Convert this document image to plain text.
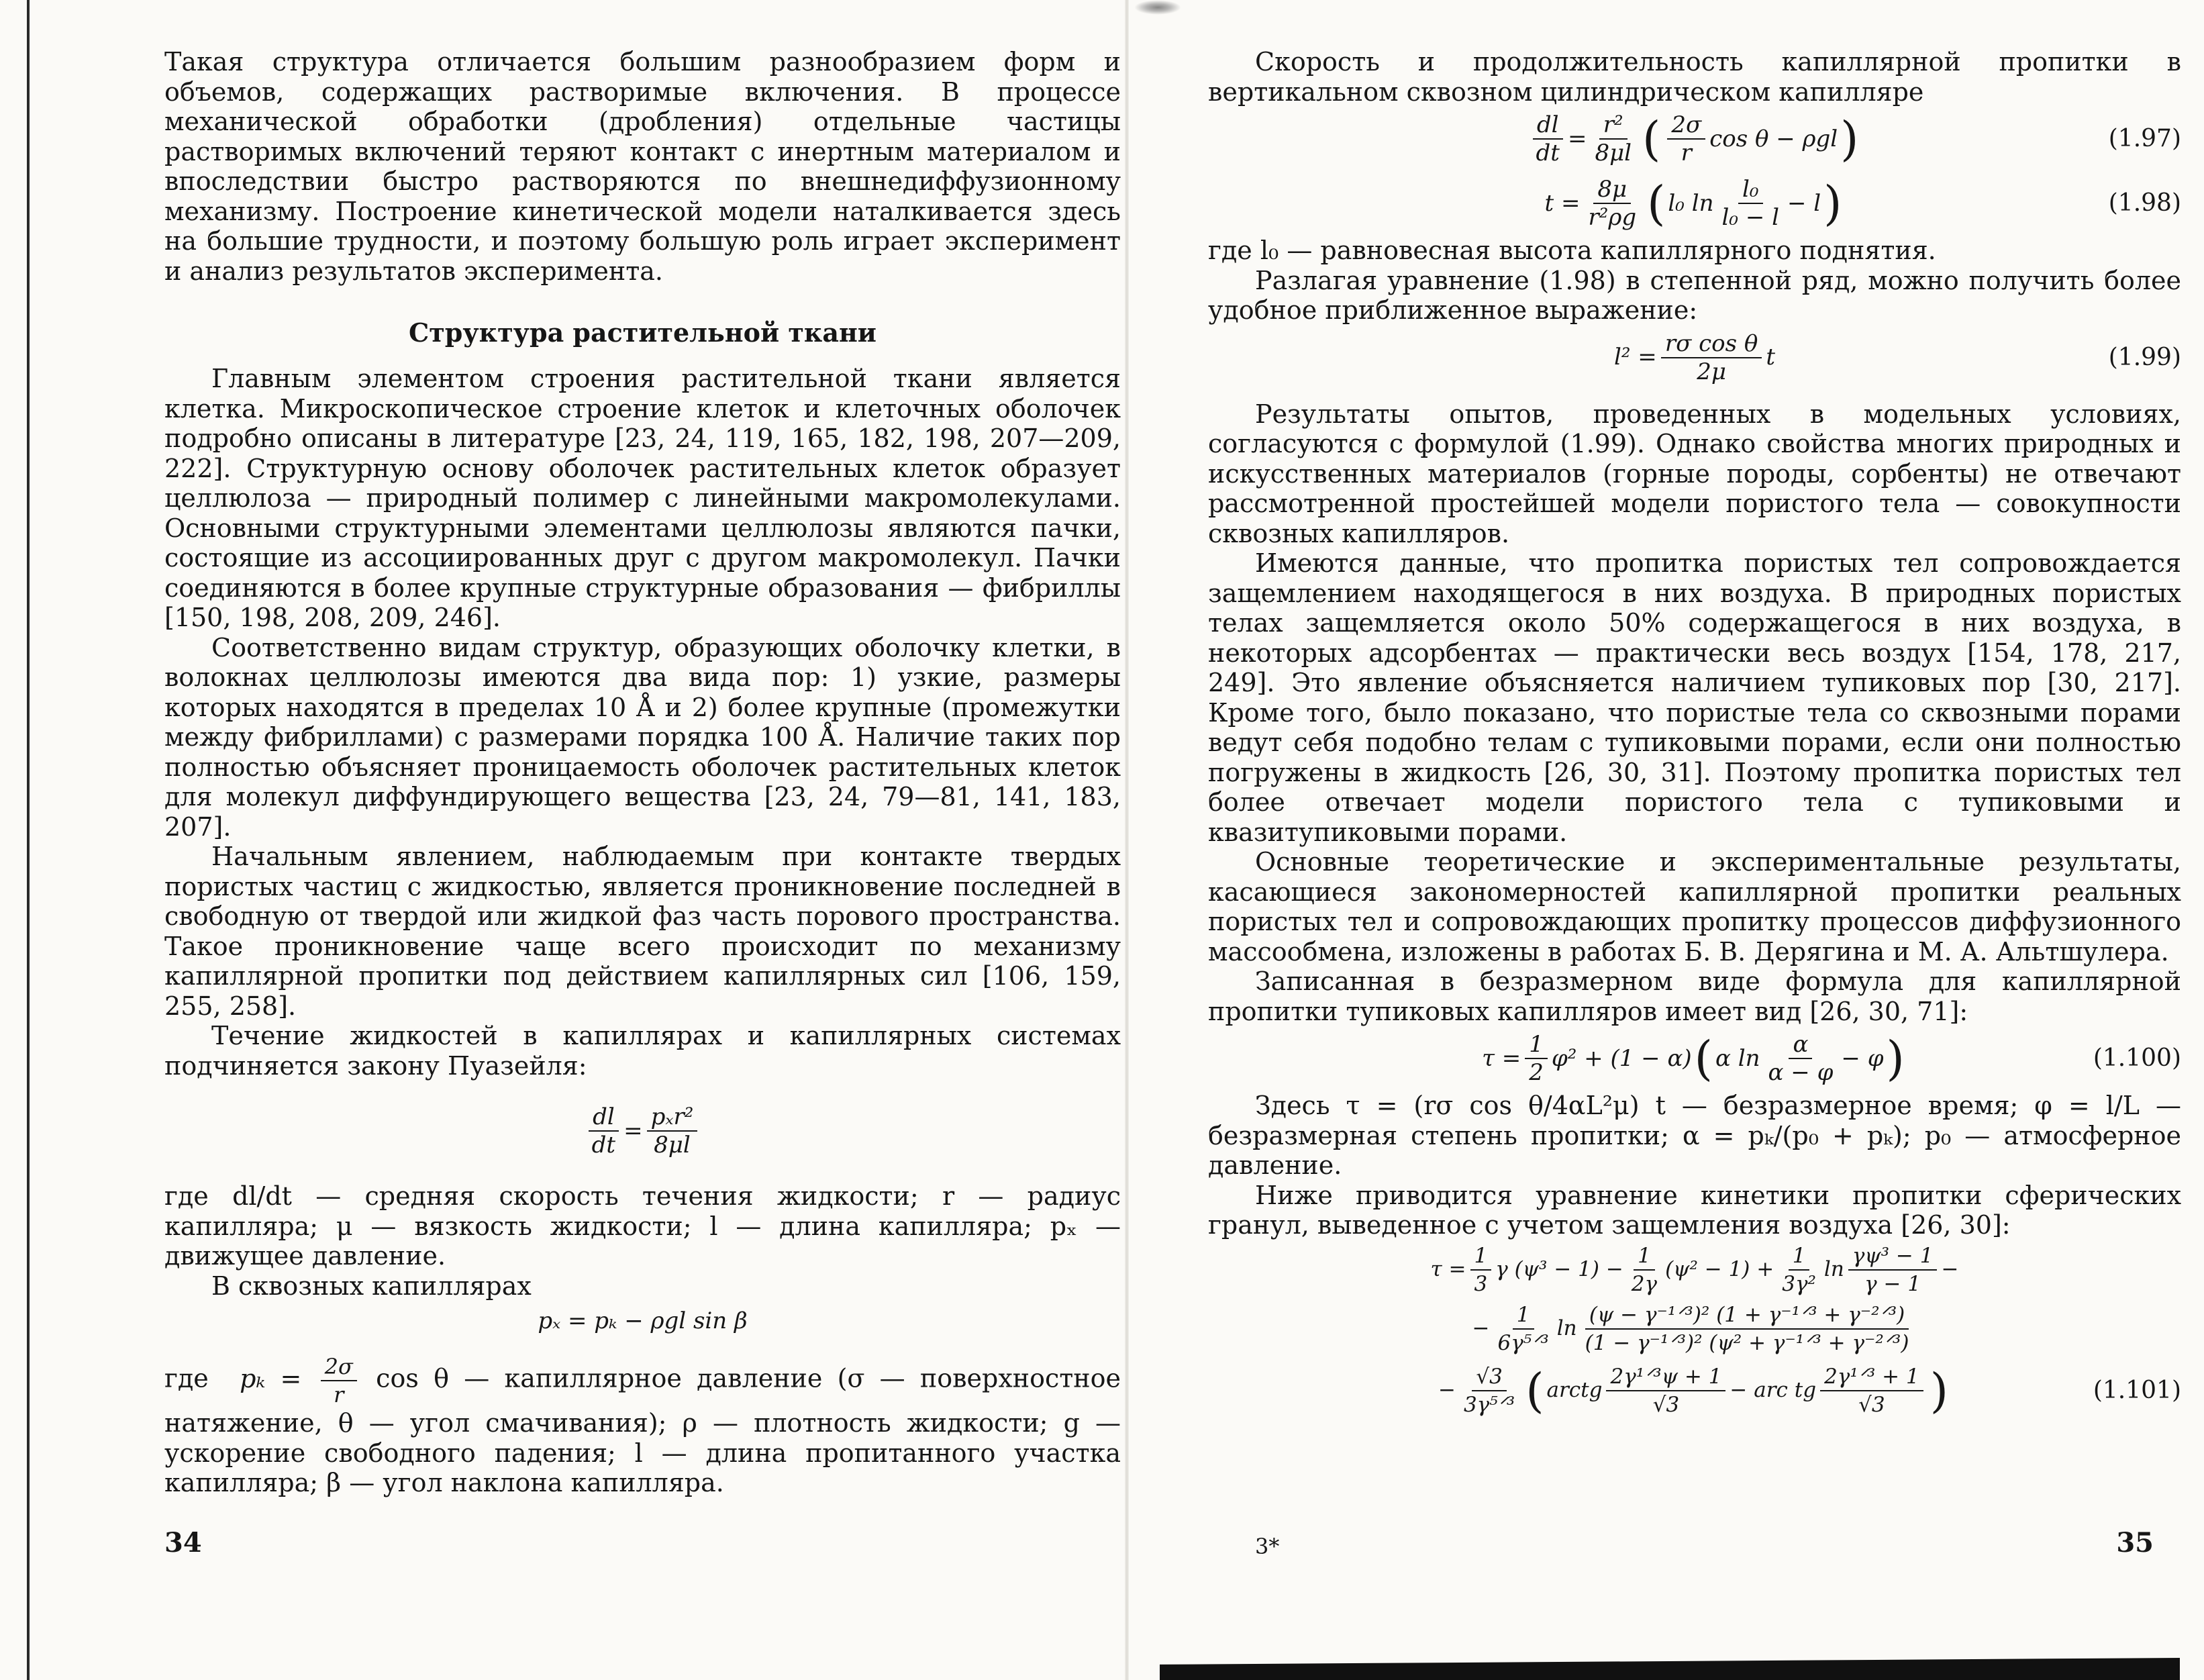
Такая структура отличается большим разнообразием форм и объемов, содержащих растворимые включения. В процессе механической обработки (дробления) отдельные частицы растворимых включений теряют контакт с инертным материалом и впоследствии быстро растворяются по внешнедиффузионному механизму. Построение кинетической модели наталкивается здесь на большие трудности, и поэтому большую роль играет эксперимент и анализ результатов эксперимента.

Структура растительной ткани

Главным элементом строения растительной ткани является клетка. Микроскопическое строение клеток и клеточных оболочек подробно описаны в литературе [23, 24, 119, 165, 182, 198, 207—209, 222]. Структурную основу оболочек растительных клеток образует целлюлоза — природный полимер с линейными макромолекулами. Основными структурными элементами целлюлозы являются пачки, состоящие из ассоциированных друг с другом макромолекул. Пачки соединяются в более крупные структурные образования — фибриллы [150, 198, 208, 209, 246].

Соответственно видам структур, образующих оболочку клетки, в волокнах целлюлозы имеются два вида пор: 1) узкие, размеры которых находятся в пределах 10 Å и 2) более крупные (промежутки между фибриллами) с размерами порядка 100 Å. Наличие таких пор полностью объясняет проницаемость оболочек растительных клеток для молекул диффундирующего вещества [23, 24, 79—81, 141, 183, 207].

Начальным явлением, наблюдаемым при контакте твердых пористых частиц с жидкостью, является проникновение последней в свободную от твердой или жидкой фаз часть порового пространства. Такое проникновение чаще всего происходит по механизму капиллярной пропитки под действием капиллярных сил [106, 159, 255, 258].

Течение жидкостей в капиллярах и капиллярных системах подчиняется закону Пуазейля:

$\frac{dl}{dt} = \frac{\text{pₓr²}}{8\mu l}$

где dl/dt — средняя скорость течения жидкости; r — радиус капилляра; μ — вязкость жидкости; l — длина капилляра; pₓ — движущее давление.

В сквозных капиллярах

pₓ = pₖ − ρgl sin β

где $p_k = \frac{2\sigma}{r}$ cos θ — капиллярное давление (σ — поверхностное натяжение, θ — угол смачивания); ρ — плотность жидкости; g — ускорение свободного падения; l — длина пропитанного участка капилляра; β — угол наклона капилляра.

34

Скорость и продолжительность капиллярной пропитки в вертикальном сквозном цилиндрическом капилляре

$\frac{dl}{dt} = \frac{\text{r²}}{8\mu l}$ ( $\frac{2\sigma}{r}$ cos θ − ρgl )	(1.97)
$t = \frac{8\mu}{\text{r²ρg}}$ ( l₀ $\ln \frac{\text{l₀}}{\text{l₀ − l}} - l$ )	(1.98)

где l₀ — равновесная высота капиллярного поднятия.

Разлагая уравнение (1.98) в степенной ряд, можно получить более удобное приближенное выражение:

$l^2 = \frac{\text{rσ cos θ}}{2\mu}$ t	(1.99)

Результаты опытов, проведенных в модельных условиях, согласуются с формулой (1.99). Однако свойства многих природных и искусственных материалов (горные породы, сорбенты) не отвечают рассмотренной простейшей модели пористого тела — совокупности сквозных капилляров.

Имеются данные, что пропитка пористых тел сопровождается защемлением находящегося в них воздуха. В природных пористых телах защемляется около 50% содержащегося в них воздуха, в некоторых адсорбентах — практически весь воздух [154, 178, 217, 249]. Это явление объясняется наличием тупиковых пор [30, 217]. Кроме того, было показано, что пористые тела со сквозными порами ведут себя подобно телам с тупиковыми порами, если они полностью погружены в жидкость [26, 30, 31]. Поэтому пропитка пористых тел более отвечает модели пористого тела с тупиковыми и квазитупиковыми порами.

Основные теоретические и экспериментальные результаты, касающиеся закономерностей капиллярной пропитки реальных пористых тел и сопровождающих пропитку процессов диффузионного массообмена, изложены в работах Б. В. Дерягина и М. А. Альтшулера.

Записанная в безразмерном виде формула для капиллярной пропитки тупиковых капилляров имеет вид [26, 30, 71]:

$\tau = \frac{1}{2} \varphi^2 + (1 - \alpha)$ ( α $\ln \frac{\alpha}{\alpha - \varphi} - \varphi$ )	(1.100)

Здесь τ = (rσ cos θ/4αL²μ) t — безразмерное время; φ = l/L — безразмерная степень пропитки; α = pₖ/(p₀ + pₖ); p₀ — атмосферное давление.

Ниже приводится уравнение кинетики пропитки сферических гранул, выведенное с учетом защемления воздуха [26, 30]:

$\tau = \frac{1}{3}$ γ $(\psi^3 - 1) - \frac{1}{2\gamma} (\psi^2 - 1) + \frac{1}{\text{3γ²}}$ $\ln \frac{\text{γψ³ − 1}}{\gamma - 1}$ −
− $\frac{1}{\text{6γ⁵ᐟ³}}$ $\ln \frac{\text{(ψ − γ⁻¹ᐟ³)² (1 + γ⁻¹ᐟ³ + γ⁻²ᐟ³)}}{\text{(1 − γ⁻¹ᐟ³)² (ψ² + γ⁻¹ᐟ³ + γ⁻²ᐟ³)}}$
− $\frac{√3}{\text{3γ⁵ᐟ³}}$ ( arctg $\frac{\text{2γ¹ᐟ³ψ + 1}}{√3}$ − arc tg $\frac{\text{2γ¹ᐟ³ + 1}}{√3}$ )	(1.101)
3*	35
